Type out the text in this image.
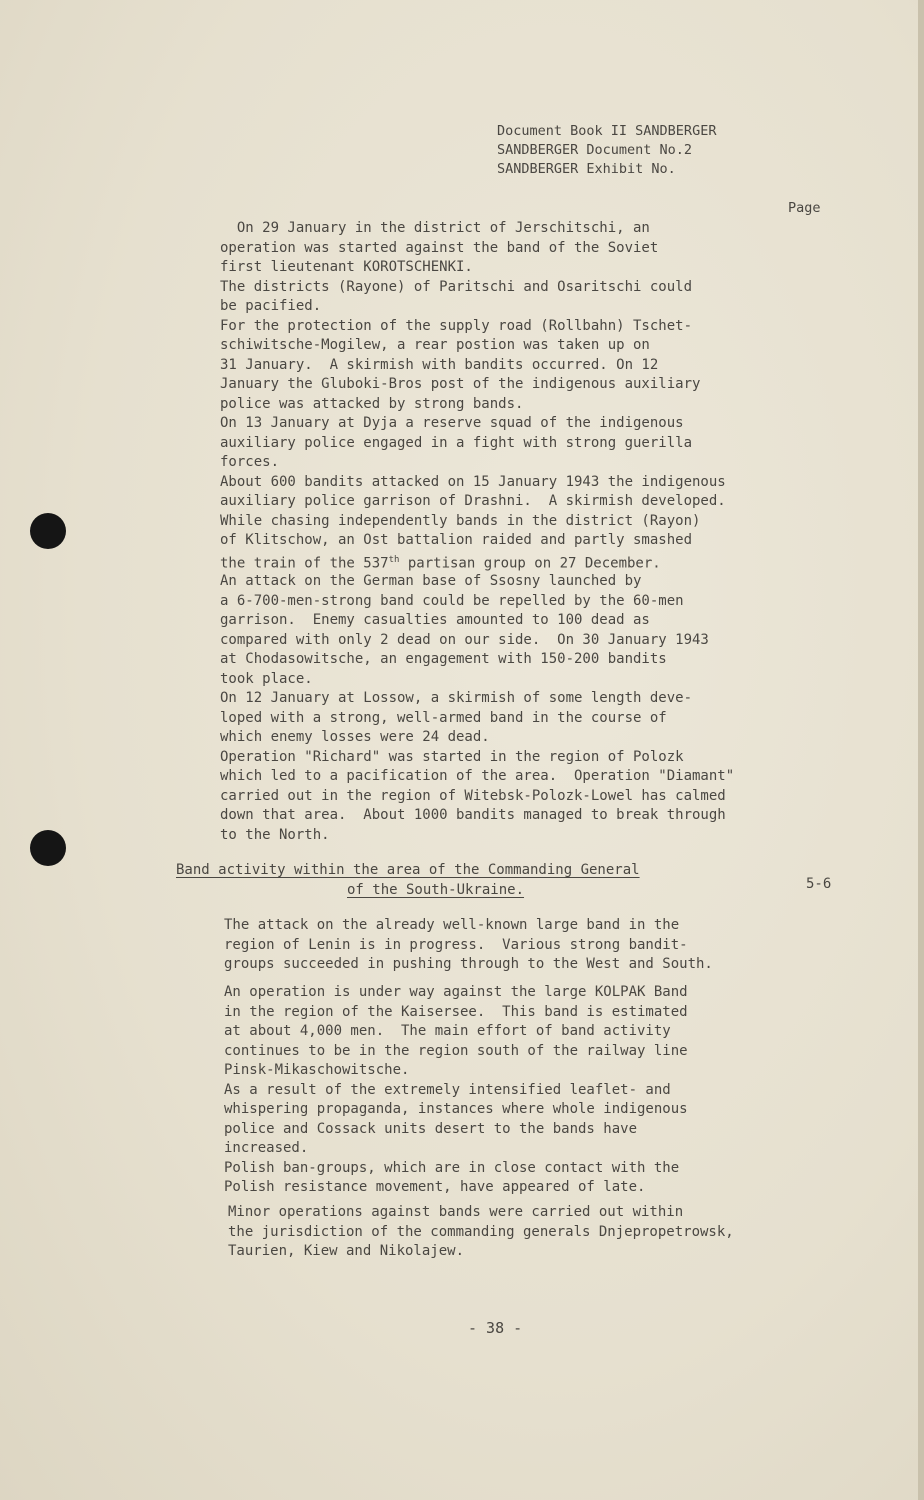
Document Book II SANDBERGER
SANDBERGER Document No.2
SANDBERGER Exhibit No.
Page

On 29 January in the district of Jerschitschi, an

operation was started against the band of the Soviet

first lieutenant KOROTSCHENKI.

The districts (Rayone) of Paritschi and Osaritschi could

be pacified.

For the protection of the supply road (Rollbahn) Tschet-

schiwitsche-Mogilew, a rear postion was taken up on

31 January.  A skirmish with bandits occurred. On 12

January the Gluboki-Bros post of the indigenous auxiliary

police was attacked by strong bands.

On 13 January at Dyja a reserve squad of the indigenous

auxiliary police engaged in a fight with strong guerilla

forces.

About 600 bandits attacked on 15 January 1943 the indigenous

auxiliary police garrison of Drashni.  A skirmish developed.

While chasing independently bands in the district (Rayon)

of Klitschow, an Ost battalion raided and partly smashed

the train of the 537th partisan group on 27 December.

An attack on the German base of Ssosny launched by

a 6-700-men-strong band could be repelled by the 60-men

garrison.  Enemy casualties amounted to 100 dead as

compared with only 2 dead on our side.  On 30 January 1943

at Chodasowitsche, an engagement with 150-200 bandits

took place.

On 12 January at Lossow, a skirmish of some length deve-

loped with a strong, well-armed band in the course of

which enemy losses were 24 dead.

Operation "Richard" was started in the region of Polozk

which led to a pacification of the area.  Operation "Diamant"

carried out in the region of Witebsk-Polozk-Lowel has calmed

down that area.  About 1000 bandits managed to break through

to the North.

Band activity within the area of the Commanding General
of the South-Ukraine.	5-6

The attack on the already well-known large band in the

region of Lenin is in progress.  Various strong bandit-

groups succeeded in pushing through to the West and South.

An operation is under way against the large KOLPAK Band

in the region of the Kaisersee.  This band is estimated

at about 4,000 men.  The main effort of band activity

continues to be in the region south of the railway line

Pinsk-Mikaschowitsche.

As a result of the extremely intensified leaflet- and

whispering propaganda, instances where whole indigenous

police and Cossack units desert to the bands have

increased.

Polish ban-groups, which are in close contact with the

Polish resistance movement, have appeared of late.

Minor operations against bands were carried out within

the jurisdiction of the commanding generals Dnjepropetrowsk,

Taurien, Kiew and Nikolajew.

- 38 -
